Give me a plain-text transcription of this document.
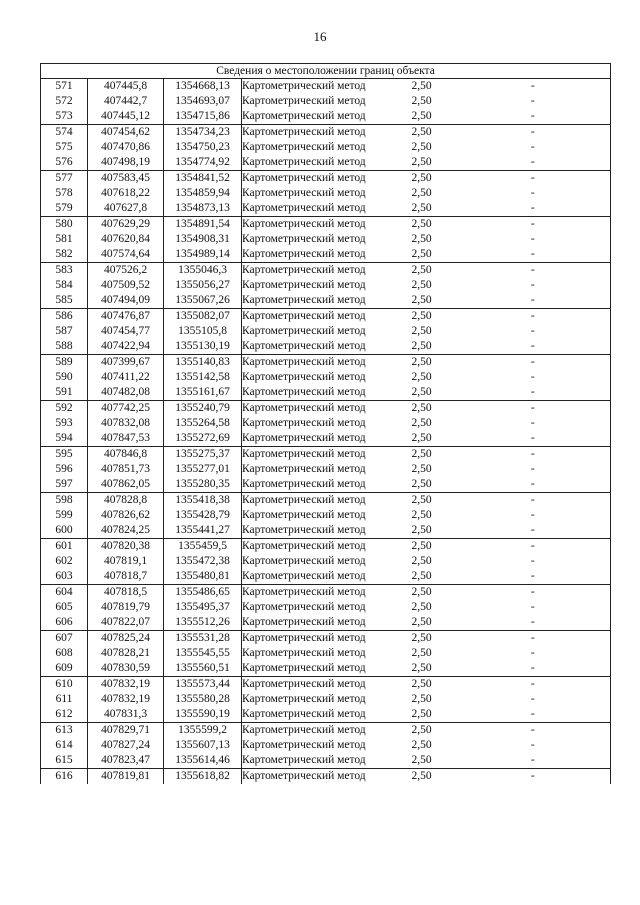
16
Сведения о местоположении границ объекта					
571	407445,8	1354668,13	Картометрический метод	2,50	-
572	407442,7	1354693,07	Картометрический метод	2,50	-
573	407445,12	1354715,86	Картометрический метод	2,50	-
574	407454,62	1354734,23	Картометрический метод	2,50	-
575	407470,86	1354750,23	Картометрический метод	2,50	-
576	407498,19	1354774,92	Картометрический метод	2,50	-
577	407583,45	1354841,52	Картометрический метод	2,50	-
578	407618,22	1354859,94	Картометрический метод	2,50	-
579	407627,8	1354873,13	Картометрический метод	2,50	-
580	407629,29	1354891,54	Картометрический метод	2,50	-
581	407620,84	1354908,31	Картометрический метод	2,50	-
582	407574,64	1354989,14	Картометрический метод	2,50	-
583	407526,2	1355046,3	Картометрический метод	2,50	-
584	407509,52	1355056,27	Картометрический метод	2,50	-
585	407494,09	1355067,26	Картометрический метод	2,50	-
586	407476,87	1355082,07	Картометрический метод	2,50	-
587	407454,77	1355105,8	Картометрический метод	2,50	-
588	407422,94	1355130,19	Картометрический метод	2,50	-
589	407399,67	1355140,83	Картометрический метод	2,50	-
590	407411,22	1355142,58	Картометрический метод	2,50	-
591	407482,08	1355161,67	Картометрический метод	2,50	-
592	407742,25	1355240,79	Картометрический метод	2,50	-
593	407832,08	1355264,58	Картометрический метод	2,50	-
594	407847,53	1355272,69	Картометрический метод	2,50	-
595	407846,8	1355275,37	Картометрический метод	2,50	-
596	407851,73	1355277,01	Картометрический метод	2,50	-
597	407862,05	1355280,35	Картометрический метод	2,50	-
598	407828,8	1355418,38	Картометрический метод	2,50	-
599	407826,62	1355428,79	Картометрический метод	2,50	-
600	407824,25	1355441,27	Картометрический метод	2,50	-
601	407820,38	1355459,5	Картометрический метод	2,50	-
602	407819,1	1355472,38	Картометрический метод	2,50	-
603	407818,7	1355480,81	Картометрический метод	2,50	-
604	407818,5	1355486,65	Картометрический метод	2,50	-
605	407819,79	1355495,37	Картометрический метод	2,50	-
606	407822,07	1355512,26	Картометрический метод	2,50	-
607	407825,24	1355531,28	Картометрический метод	2,50	-
608	407828,21	1355545,55	Картометрический метод	2,50	-
609	407830,59	1355560,51	Картометрический метод	2,50	-
610	407832,19	1355573,44	Картометрический метод	2,50	-
611	407832,19	1355580,28	Картометрический метод	2,50	-
612	407831,3	1355590,19	Картометрический метод	2,50	-
613	407829,71	1355599,2	Картометрический метод	2,50	-
614	407827,24	1355607,13	Картометрический метод	2,50	-
615	407823,47	1355614,46	Картометрический метод	2,50	-
616	407819,81	1355618,82	Картометрический метод	2,50	-
